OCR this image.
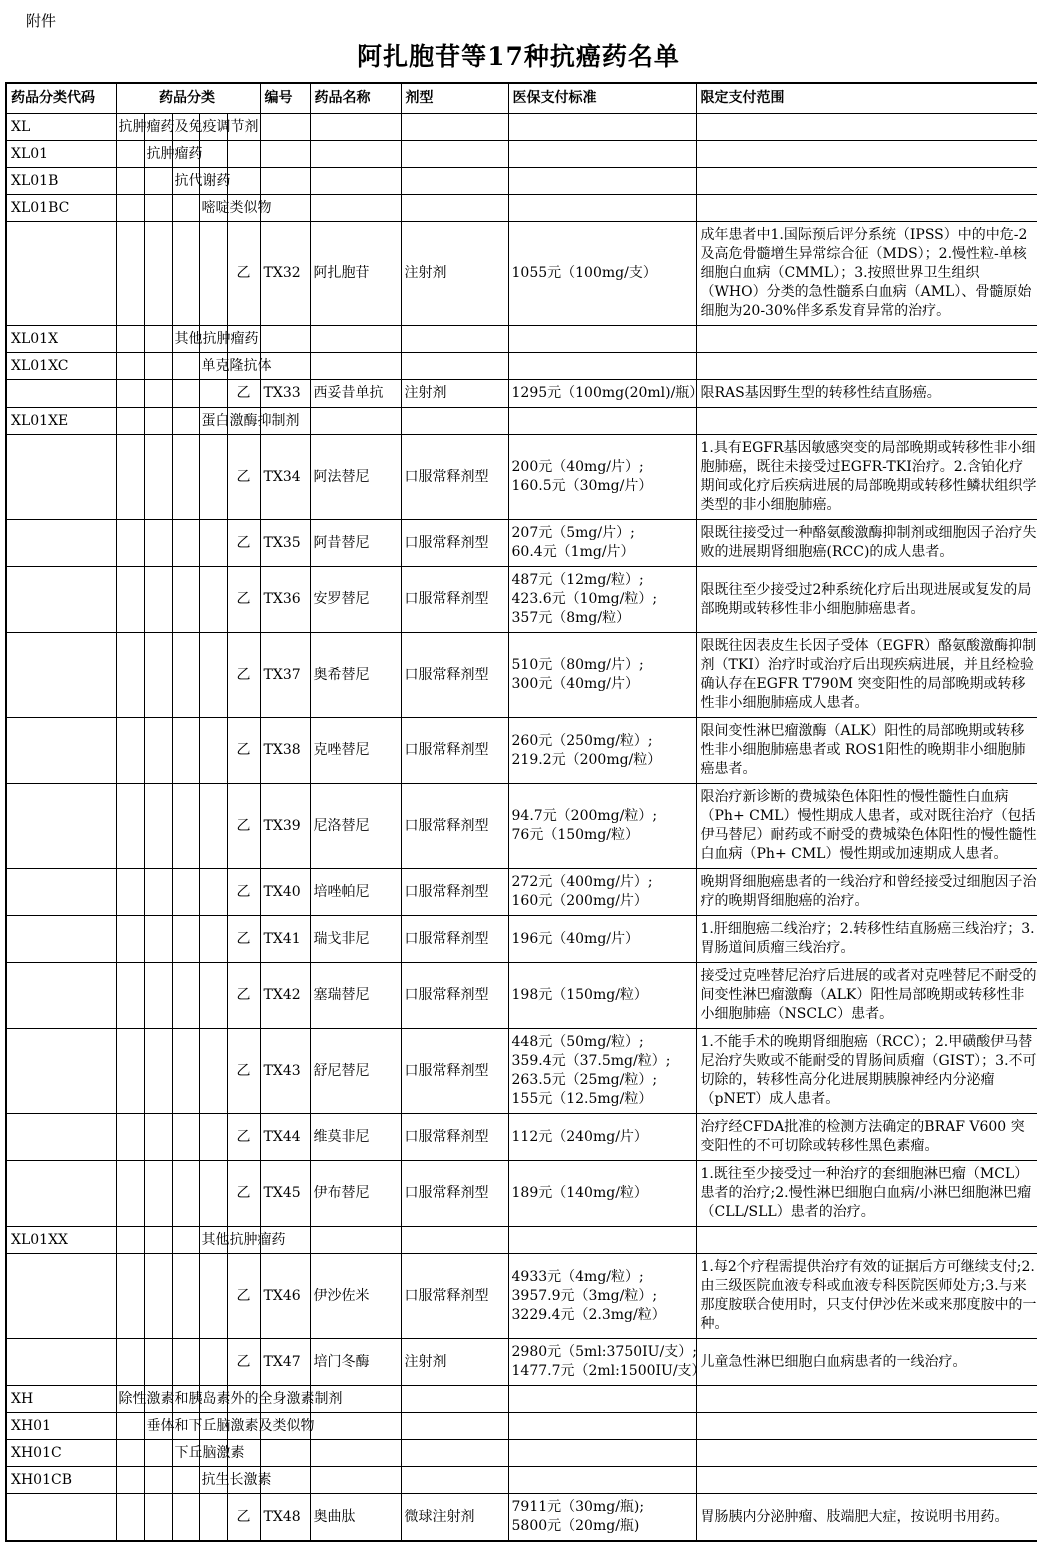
附件
阿扎胞苷等17种抗癌药名单
药品分类代码	药品分类					编号	药品名称	剂型	医保支付标准	限定支付范围
XL	抗肿瘤药及免疫调节剂									
XL01		抗肿瘤药								
XL01B			抗代谢药							
XL01BC				嘧啶类似物						
					乙	TX32	阿扎胞苷	注射剂	1055元（100mg/支）	成年患者中1.国际预后评分系统（IPSS）中的中危-2及高危骨髓增生异常综合征（MDS）；2.慢性粒-单核细胞白血病（CMML）；3.按照世界卫生组织（WHO）分类的急性髓系白血病（AML）、骨髓原始细胞为20-30%伴多系发育异常的治疗。
XL01X			其他抗肿瘤药							
XL01XC				单克隆抗体						
					乙	TX33	西妥昔单抗	注射剂	1295元（100mg(20ml)/瓶）	限RAS基因野生型的转移性结直肠癌。
XL01XE				蛋白激酶抑制剂						
					乙	TX34	阿法替尼	口服常释剂型	200元（40mg/片）;
160.5元（30mg/片）	1.具有EGFR基因敏感突变的局部晚期或转移性非小细胞肺癌，既往未接受过EGFR-TKI治疗。2.含铂化疗期间或化疗后疾病进展的局部晚期或转移性鳞状组织学类型的非小细胞肺癌。
					乙	TX35	阿昔替尼	口服常释剂型	207元（5mg/片）;
60.4元（1mg/片）	限既往接受过一种酪氨酸激酶抑制剂或细胞因子治疗失败的进展期肾细胞癌(RCC)的成人患者。
					乙	TX36	安罗替尼	口服常释剂型	487元（12mg/粒）;
423.6元（10mg/粒）;
357元（8mg/粒）	限既往至少接受过2种系统化疗后出现进展或复发的局部晚期或转移性非小细胞肺癌患者。
					乙	TX37	奥希替尼	口服常释剂型	510元（80mg/片）;
300元（40mg/片）	限既往因表皮生长因子受体（EGFR）酪氨酸激酶抑制剂（TKI）治疗时或治疗后出现疾病进展，并且经检验确认存在EGFR T790M 突变阳性的局部晚期或转移性非小细胞肺癌成人患者。
					乙	TX38	克唑替尼	口服常释剂型	260元（250mg/粒）;
219.2元（200mg/粒）	限间变性淋巴瘤激酶（ALK）阳性的局部晚期或转移性非小细胞肺癌患者或 ROS1阳性的晚期非小细胞肺癌患者。
					乙	TX39	尼洛替尼	口服常释剂型	94.7元（200mg/粒）;
76元（150mg/粒）	限治疗新诊断的费城染色体阳性的慢性髓性白血病（Ph+ CML）慢性期成人患者，或对既往治疗（包括伊马替尼）耐药或不耐受的费城染色体阳性的慢性髓性白血病（Ph+ CML）慢性期或加速期成人患者。
					乙	TX40	培唑帕尼	口服常释剂型	272元（400mg/片）;
160元（200mg/片）	晚期肾细胞癌患者的一线治疗和曾经接受过细胞因子治疗的晚期肾细胞癌的治疗。
					乙	TX41	瑞戈非尼	口服常释剂型	196元（40mg/片）	1.肝细胞癌二线治疗；2.转移性结直肠癌三线治疗；3.胃肠道间质瘤三线治疗。
					乙	TX42	塞瑞替尼	口服常释剂型	198元（150mg/粒）	接受过克唑替尼治疗后进展的或者对克唑替尼不耐受的间变性淋巴瘤激酶（ALK）阳性局部晚期或转移性非小细胞肺癌（NSCLC）患者。
					乙	TX43	舒尼替尼	口服常释剂型	448元（50mg/粒）;
359.4元（37.5mg/粒）;
263.5元（25mg/粒）;
155元（12.5mg/粒）	1.不能手术的晚期肾细胞癌（RCC）；2.甲磺酸伊马替尼治疗失败或不能耐受的胃肠间质瘤（GIST）；3.不可切除的，转移性高分化进展期胰腺神经内分泌瘤（pNET）成人患者。
					乙	TX44	维莫非尼	口服常释剂型	112元（240mg/片）	治疗经CFDA批准的检测方法确定的BRAF V600 突变阳性的不可切除或转移性黑色素瘤。
					乙	TX45	伊布替尼	口服常释剂型	189元（140mg/粒）	1.既往至少接受过一种治疗的套细胞淋巴瘤（MCL）患者的治疗;2.慢性淋巴细胞白血病/小淋巴细胞淋巴瘤（CLL/SLL）患者的治疗。
XL01XX				其他抗肿瘤药						
					乙	TX46	伊沙佐米	口服常释剂型	4933元（4mg/粒）;
3957.9元（3mg/粒）;
3229.4元（2.3mg/粒）	1.每2个疗程需提供治疗有效的证据后方可继续支付;2.由三级医院血液专科或血液专科医院医师处方;3.与来那度胺联合使用时，只支付伊沙佐米或来那度胺中的一种。
					乙	TX47	培门冬酶	注射剂	2980元（5ml:3750IU/支）;
1477.7元（2ml:1500IU/支）	儿童急性淋巴细胞白血病患者的一线治疗。
XH	除性激素和胰岛素外的全身激素制剂									
XH01		垂体和下丘脑激素及类似物								
XH01C			下丘脑激素							
XH01CB				抗生长激素						
					乙	TX48	奥曲肽	微球注射剂	7911元（30mg/瓶);
5800元（20mg/瓶)	胃肠胰内分泌肿瘤、肢端肥大症，按说明书用药。
